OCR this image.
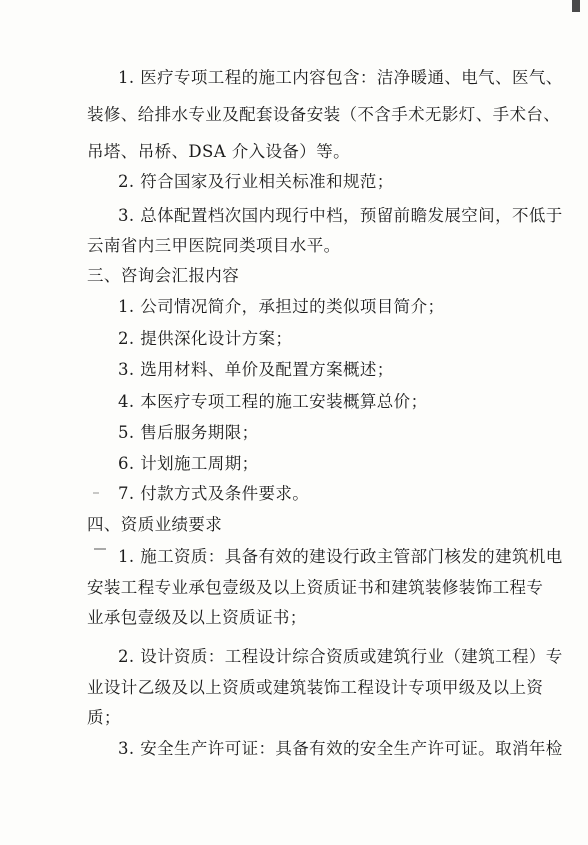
1. 医疗专项工程的施工内容包含：洁净暖通、电气、医气、
装修、给排水专业及配套设备安装（不含手术无影灯、手术台、
吊塔、吊桥、DSA 介入设备）等。
2. 符合国家及行业相关标准和规范；
3. 总体配置档次国内现行中档，预留前瞻发展空间，不低于
云南省内三甲医院同类项目水平。
三、咨询会汇报内容
1. 公司情况简介，承担过的类似项目简介；
2. 提供深化设计方案；
3. 选用材料、单价及配置方案概述；
4. 本医疗专项工程的施工安装概算总价；
5. 售后服务期限；
6. 计划施工周期；
7. 付款方式及条件要求。
四、资质业绩要求
1. 施工资质：具备有效的建设行政主管部门核发的建筑机电
安装工程专业承包壹级及以上资质证书和建筑装修装饰工程专
业承包壹级及以上资质证书；
2. 设计资质：工程设计综合资质或建筑行业（建筑工程）专
业设计乙级及以上资质或建筑装饰工程设计专项甲级及以上资
质；
3. 安全生产许可证：具备有效的安全生产许可证。取消年检
